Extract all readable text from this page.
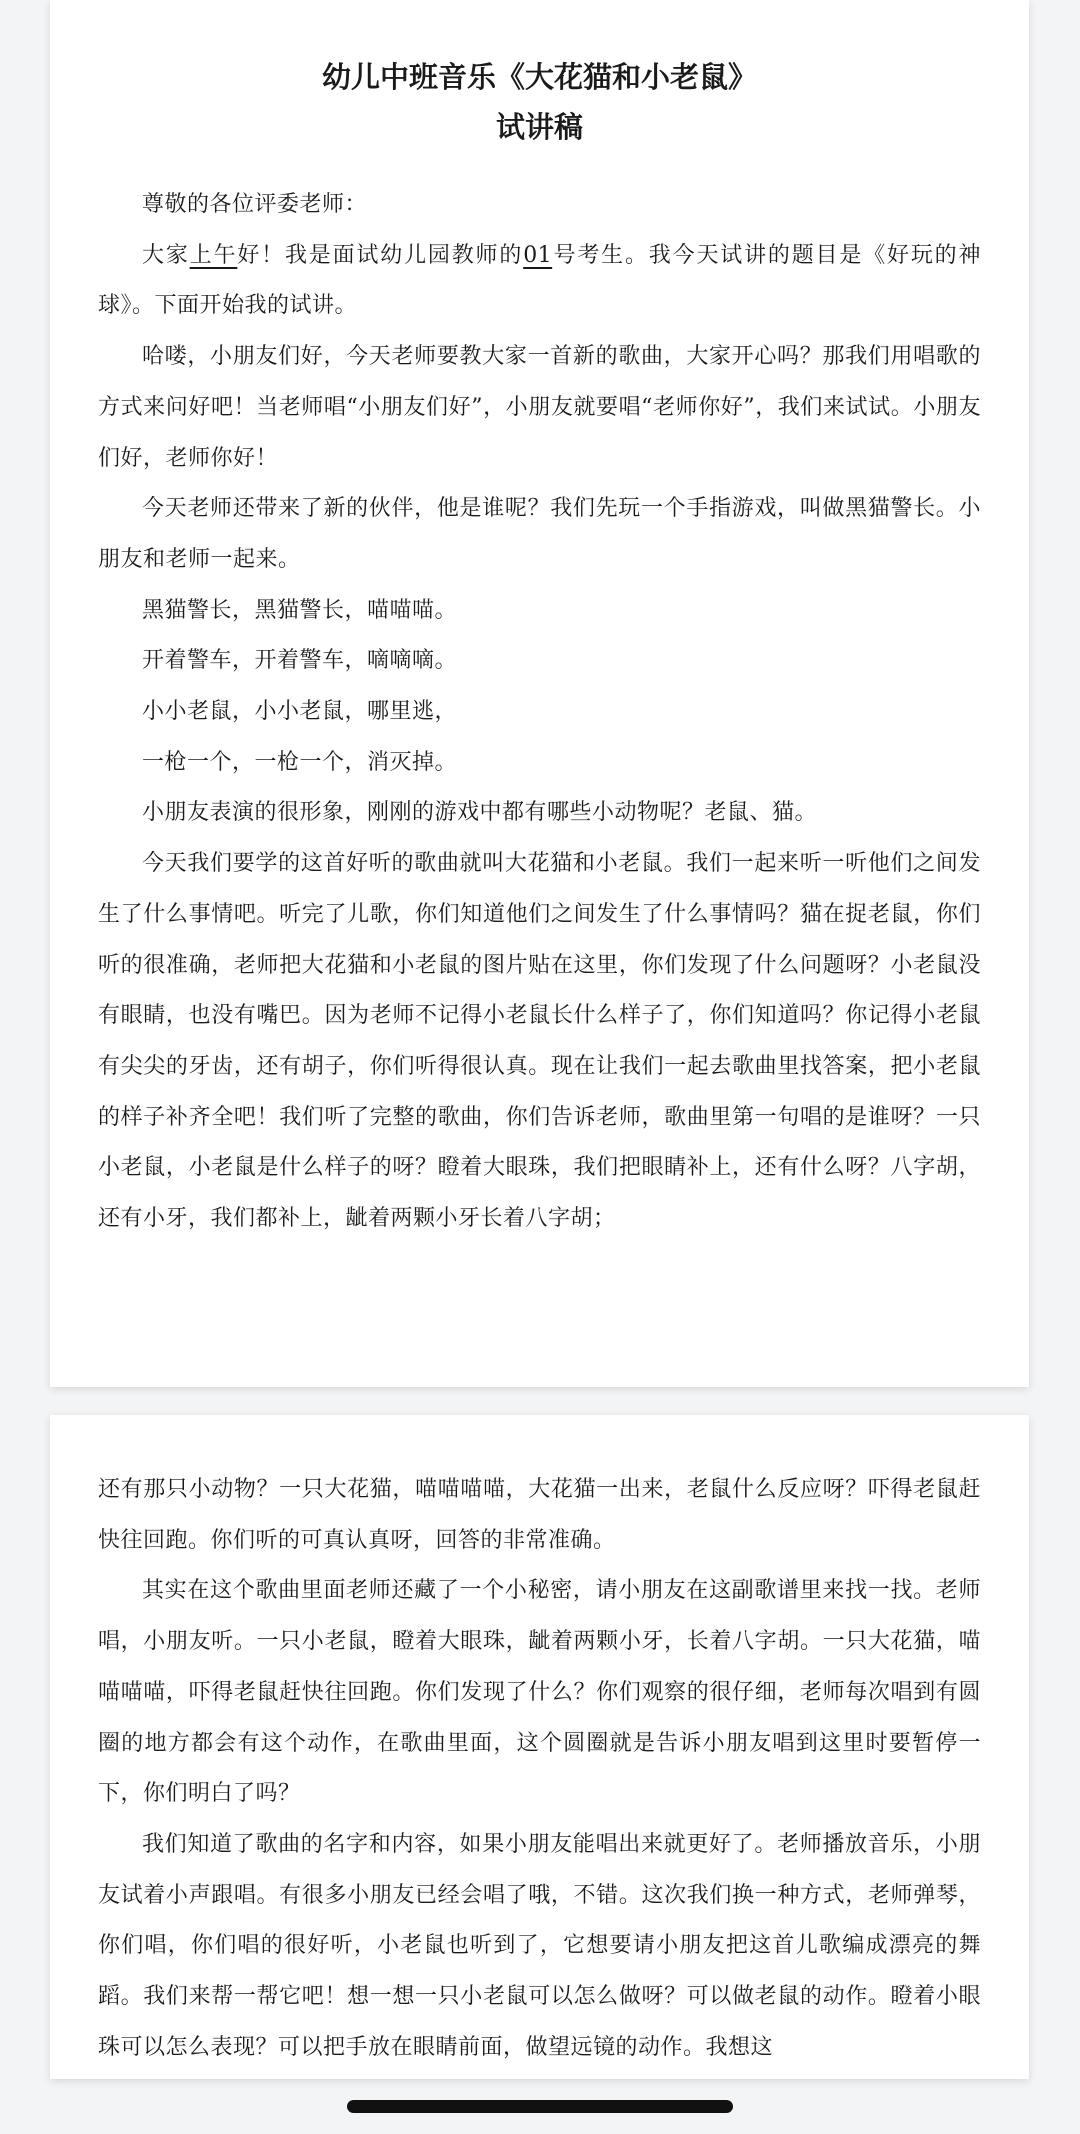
幼儿中班音乐《大花猫和小老鼠》
试讲稿

尊敬的各位评委老师：

大家上午好！我是面试幼儿园教师的01号考生。我今天试讲的题目是《好玩的神球》。下面开始我的试讲。

哈喽，小朋友们好，今天老师要教大家一首新的歌曲，大家开心吗？那我们用唱歌的方式来问好吧！当老师唱“小朋友们好”，小朋友就要唱“老师你好”，我们来试试。小朋友们好，老师你好！

今天老师还带来了新的伙伴，他是谁呢？我们先玩一个手指游戏，叫做黑猫警长。小朋友和老师一起来。

黑猫警长，黑猫警长，喵喵喵。

开着警车，开着警车，嘀嘀嘀。

小小老鼠，小小老鼠，哪里逃，

一枪一个，一枪一个，消灭掉。

小朋友表演的很形象，刚刚的游戏中都有哪些小动物呢？老鼠、猫。

今天我们要学的这首好听的歌曲就叫大花猫和小老鼠。我们一起来听一听他们之间发生了什么事情吧。听完了儿歌，你们知道他们之间发生了什么事情吗？猫在捉老鼠，你们听的很准确，老师把大花猫和小老鼠的图片贴在这里，你们发现了什么问题呀？小老鼠没有眼睛，也没有嘴巴。因为老师不记得小老鼠长什么样子了，你们知道吗？你记得小老鼠有尖尖的牙齿，还有胡子，你们听得很认真。现在让我们一起去歌曲里找答案，把小老鼠的样子补齐全吧！我们听了完整的歌曲，你们告诉老师，歌曲里第一句唱的是谁呀？一只小老鼠，小老鼠是什么样子的呀？瞪着大眼珠，我们把眼睛补上，还有什么呀？八字胡，还有小牙，我们都补上，龇着两颗小牙长着八字胡；

还有那只小动物？一只大花猫，喵喵喵喵，大花猫一出来，老鼠什么反应呀？吓得老鼠赶快往回跑。你们听的可真认真呀，回答的非常准确。

其实在这个歌曲里面老师还藏了一个小秘密，请小朋友在这副歌谱里来找一找。老师唱，小朋友听。一只小老鼠，瞪着大眼珠，龇着两颗小牙，长着八字胡。一只大花猫，喵喵喵喵，吓得老鼠赶快往回跑。你们发现了什么？你们观察的很仔细，老师每次唱到有圆圈的地方都会有这个动作，在歌曲里面，这个圆圈就是告诉小朋友唱到这里时要暂停一下，你们明白了吗？

我们知道了歌曲的名字和内容，如果小朋友能唱出来就更好了。老师播放音乐，小朋友试着小声跟唱。有很多小朋友已经会唱了哦，不错。这次我们换一种方式，老师弹琴，你们唱，你们唱的很好听，小老鼠也听到了，它想要请小朋友把这首儿歌编成漂亮的舞蹈。我们来帮一帮它吧！想一想一只小老鼠可以怎么做呀？可以做老鼠的动作。瞪着小眼珠可以怎么表现？可以把手放在眼睛前面，做望远镜的动作。我想这
